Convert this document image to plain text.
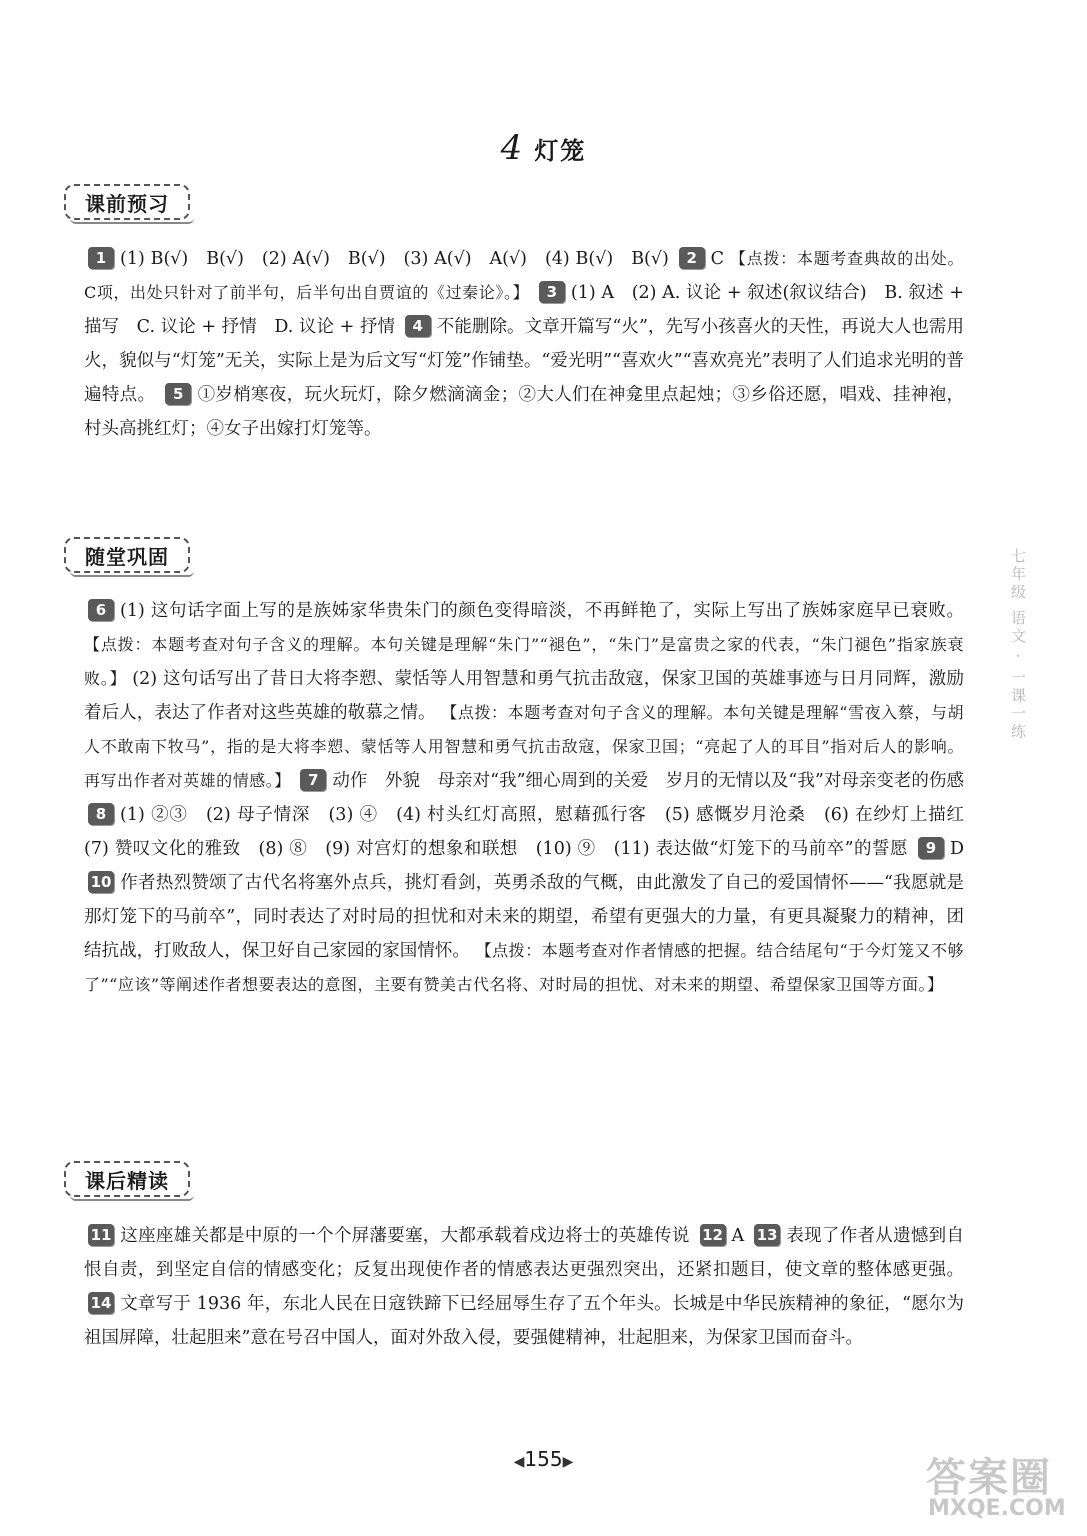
4 灯笼
课前预习

1 (1) B(√)　B(√)　(2) A(√)　B(√)　(3) A(√)　A(√)　(4) B(√)　B(√) 2 C 【点拨：本题考查典故的出处。C项，出处只针对了前半句，后半句出自贾谊的《过秦论》。】 3 (1) A　(2) A. 议论 + 叙述(叙议结合)　B. 叙述 + 描写　C. 议论 + 抒情　D. 议论 + 抒情 4 不能删除。文章开篇写“火”，先写小孩喜火的天性，再说大人也需用火，貌似与“灯笼”无关，实际上是为后文写“灯笼”作铺垫。“爱光明”“喜欢火”“喜欢亮光”表明了人们追求光明的普遍特点。 5 ①岁梢寒夜，玩火玩灯，除夕燃滴滴金；②大人们在神龛里点起烛；③乡俗还愿，唱戏、挂神袍，村头高挑红灯；④女子出嫁打灯笼等。

随堂巩固

6 (1) 这句话字面上写的是族姊家华贵朱门的颜色变得暗淡，不再鲜艳了，实际上写出了族姊家庭早已衰败。 【点拨：本题考查对句子含义的理解。本句关键是理解“朱门”“褪色”，“朱门”是富贵之家的代表，“朱门褪色”指家族衰败。】 (2) 这句话写出了昔日大将李愬、蒙恬等人用智慧和勇气抗击敌寇，保家卫国的英雄事迹与日月同辉，激励着后人，表达了作者对这些英雄的敬慕之情。 【点拨：本题考查对句子含义的理解。本句关键是理解“雪夜入蔡，与胡人不敢南下牧马”，指的是大将李愬、蒙恬等人用智慧和勇气抗击敌寇，保家卫国；“亮起了人的耳目”指对后人的影响。再写出作者对英雄的情感。】 7 动作　外貌　母亲对“我”细心周到的关爱　岁月的无情以及“我”对母亲变老的伤感 8 (1) ②③　(2) 母子情深　(3) ④　(4) 村头红灯高照，慰藉孤行客　(5) 感慨岁月沧桑　(6) 在纱灯上描红　(7) 赞叹文化的雅致　(8) ⑧　(9) 对宫灯的想象和联想　(10) ⑨　(11) 表达做“灯笼下的马前卒”的誓愿 9 D 10 作者热烈赞颂了古代名将塞外点兵，挑灯看剑，英勇杀敌的气概，由此激发了自己的爱国情怀——“我愿就是那灯笼下的马前卒”，同时表达了对时局的担忧和对未来的期望，希望有更强大的力量，有更具凝聚力的精神，团结抗战，打败敌人，保卫好自己家园的家国情怀。 【点拨：本题考查对作者情感的把握。结合结尾句“于今灯笼又不够了”“应该”等阐述作者想要表达的意图，主要有赞美古代名将、对时局的担忧、对未来的期望、希望保家卫国等方面。】

课后精读

11 这座座雄关都是中原的一个个屏藩要塞，大都承载着戍边将士的英雄传说 12 A 13 表现了作者从遗憾到自恨自责，到坚定自信的情感变化；反复出现使作者的情感表达更强烈突出，还紧扣题目，使文章的整体感更强。 14 文章写于 1936 年，东北人民在日寇铁蹄下已经屈辱生存了五个年头。长城是中华民族精神的象征，“愿尔为祖国屏障，壮起胆来”意在号召中国人，面对外敌入侵，要强健精神，壮起胆来，为保家卫国而奋斗。

七年级 语文 · 一课一练
◀155▶	答案圈
MXQE.COM
